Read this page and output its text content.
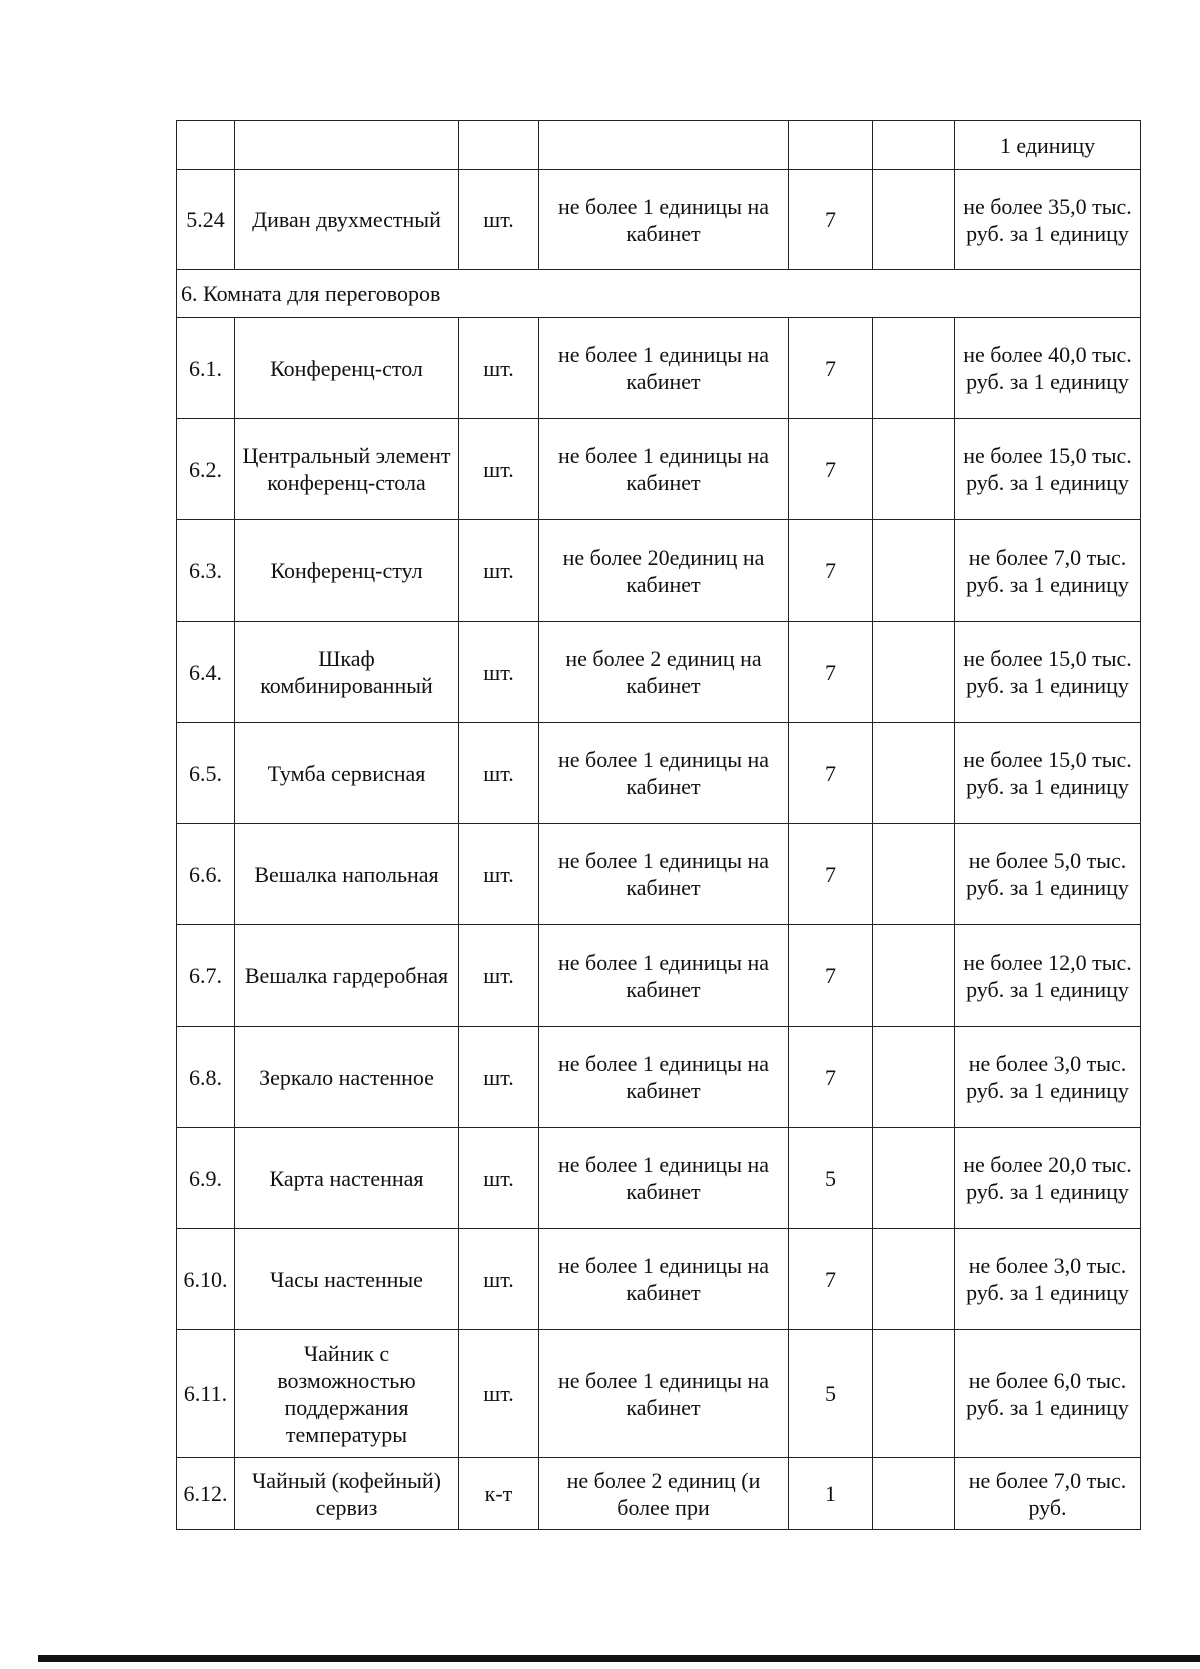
						1 единицу
5.24	Диван двухместный	шт.	не более 1 единицы на кабинет	7		не более 35,0 тыс. руб. за 1 единицу
6. Комната для переговоров						
6.1.	Конференц-стол	шт.	не более 1 единицы на кабинет	7		не более 40,0 тыс. руб. за 1 единицу
6.2.	Центральный элемент конференц-стола	шт.	не более 1 единицы на кабинет	7		не более 15,0 тыс. руб. за 1 единицу
6.3.	Конференц-стул	шт.	не более 20единиц на кабинет	7		не более 7,0 тыс. руб. за 1 единицу
6.4.	Шкаф комбинированный	шт.	не более 2 единиц на кабинет	7		не более 15,0 тыс. руб. за 1 единицу
6.5.	Тумба сервисная	шт.	не более 1 единицы на кабинет	7		не более 15,0 тыс. руб. за 1 единицу
6.6.	Вешалка напольная	шт.	не более 1 единицы на кабинет	7		не более 5,0 тыс. руб. за 1 единицу
6.7.	Вешалка гардеробная	шт.	не более 1 единицы на кабинет	7		не более 12,0 тыс. руб. за 1 единицу
6.8.	Зеркало настенное	шт.	не более 1 единицы на кабинет	7		не более 3,0 тыс. руб. за 1 единицу
6.9.	Карта настенная	шт.	не более 1 единицы на кабинет	5		не более 20,0 тыс. руб. за 1 единицу
6.10.	Часы настенные	шт.	не более 1 единицы на кабинет	7		не более 3,0 тыс. руб. за 1 единицу
6.11.	Чайник с возможностью поддержания температуры	шт.	не более 1 единицы на кабинет	5		не более 6,0 тыс. руб. за 1 единицу
6.12.	Чайный (кофейный) сервиз	к-т	не более 2 единиц (и более при	1		не более 7,0 тыс. руб.
